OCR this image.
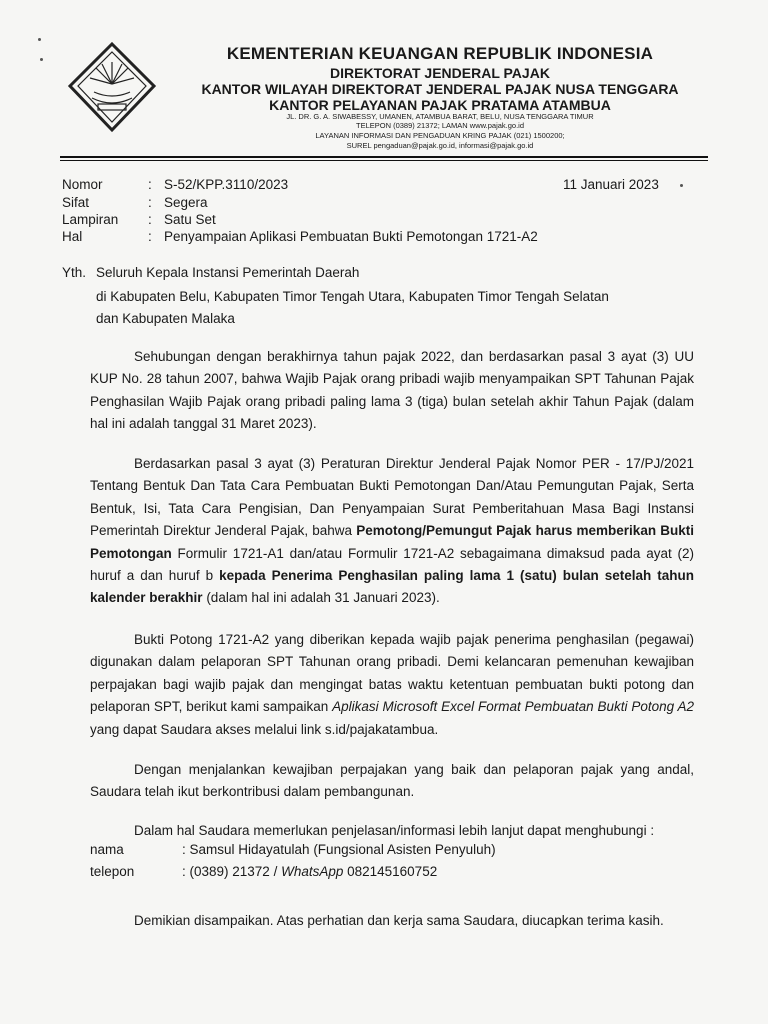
KEMENTERIAN KEUANGAN REPUBLIK INDONESIA
DIREKTORAT JENDERAL PAJAK
KANTOR WILAYAH DIREKTORAT JENDERAL PAJAK NUSA TENGGARA
KANTOR PELAYANAN PAJAK PRATAMA ATAMBUA
JL. DR. G. A. SIWABESSY, UMANEN, ATAMBUA BARAT, BELU, NUSA TENGGARA TIMUR
TELEPON (0389) 21372; LAMAN www.pajak.go.id
LAYANAN INFORMASI DAN PENGADUAN KRING PAJAK (021) 1500200;
SUREL pengaduan@pajak.go.id, informasi@pajak.go.id
Nomor	: S-52/KPP.3110/2023
Sifat	: Segera
Lampiran	: Satu Set
Hal	: Penyampaian Aplikasi Pembuatan Bukti Pemotongan 1721-A2
11 Januari 2023
Yth. Seluruh Kepala Instansi Pemerintah Daerah
di Kabupaten Belu, Kabupaten Timor Tengah Utara, Kabupaten Timor Tengah Selatan
dan Kabupaten Malaka

Sehubungan dengan berakhirnya tahun pajak 2022, dan berdasarkan pasal 3 ayat (3) UU KUP No. 28 tahun 2007, bahwa Wajib Pajak orang pribadi wajib menyampaikan SPT Tahunan Pajak Penghasilan Wajib Pajak orang pribadi paling lama 3 (tiga) bulan setelah akhir Tahun Pajak (dalam hal ini adalah tanggal 31 Maret 2023).

Berdasarkan pasal 3 ayat (3) Peraturan Direktur Jenderal Pajak Nomor PER - 17/PJ/2021 Tentang Bentuk Dan Tata Cara Pembuatan Bukti Pemotongan Dan/Atau Pemungutan Pajak, Serta Bentuk, Isi, Tata Cara Pengisian, Dan Penyampaian Surat Pemberitahuan Masa Bagi Instansi Pemerintah Direktur Jenderal Pajak, bahwa Pemotong/Pemungut Pajak harus memberikan Bukti Pemotongan Formulir 1721-A1 dan/atau Formulir 1721-A2 sebagaimana dimaksud pada ayat (2) huruf a dan huruf b kepada Penerima Penghasilan paling lama 1 (satu) bulan setelah tahun kalender berakhir (dalam hal ini adalah 31 Januari 2023).

Bukti Potong 1721-A2 yang diberikan kepada wajib pajak penerima penghasilan (pegawai) digunakan dalam pelaporan SPT Tahunan orang pribadi. Demi kelancaran pemenuhan kewajiban perpajakan bagi wajib pajak dan mengingat batas waktu ketentuan pembuatan bukti potong dan pelaporan SPT, berikut kami sampaikan Aplikasi Microsoft Excel Format Pembuatan Bukti Potong A2 yang dapat Saudara akses melalui link s.id/pajakatambua.

Dengan menjalankan kewajiban perpajakan yang baik dan pelaporan pajak yang andal, Saudara telah ikut berkontribusi dalam pembangunan.

Dalam hal Saudara memerlukan penjelasan/informasi lebih lanjut dapat menghubungi :

nama	: Samsul Hidayatulah (Fungsional Asisten Penyuluh)
telepon	: (0389) 21372 / WhatsApp 082145160752

Demikian disampaikan. Atas perhatian dan kerja sama Saudara, diucapkan terima kasih.
